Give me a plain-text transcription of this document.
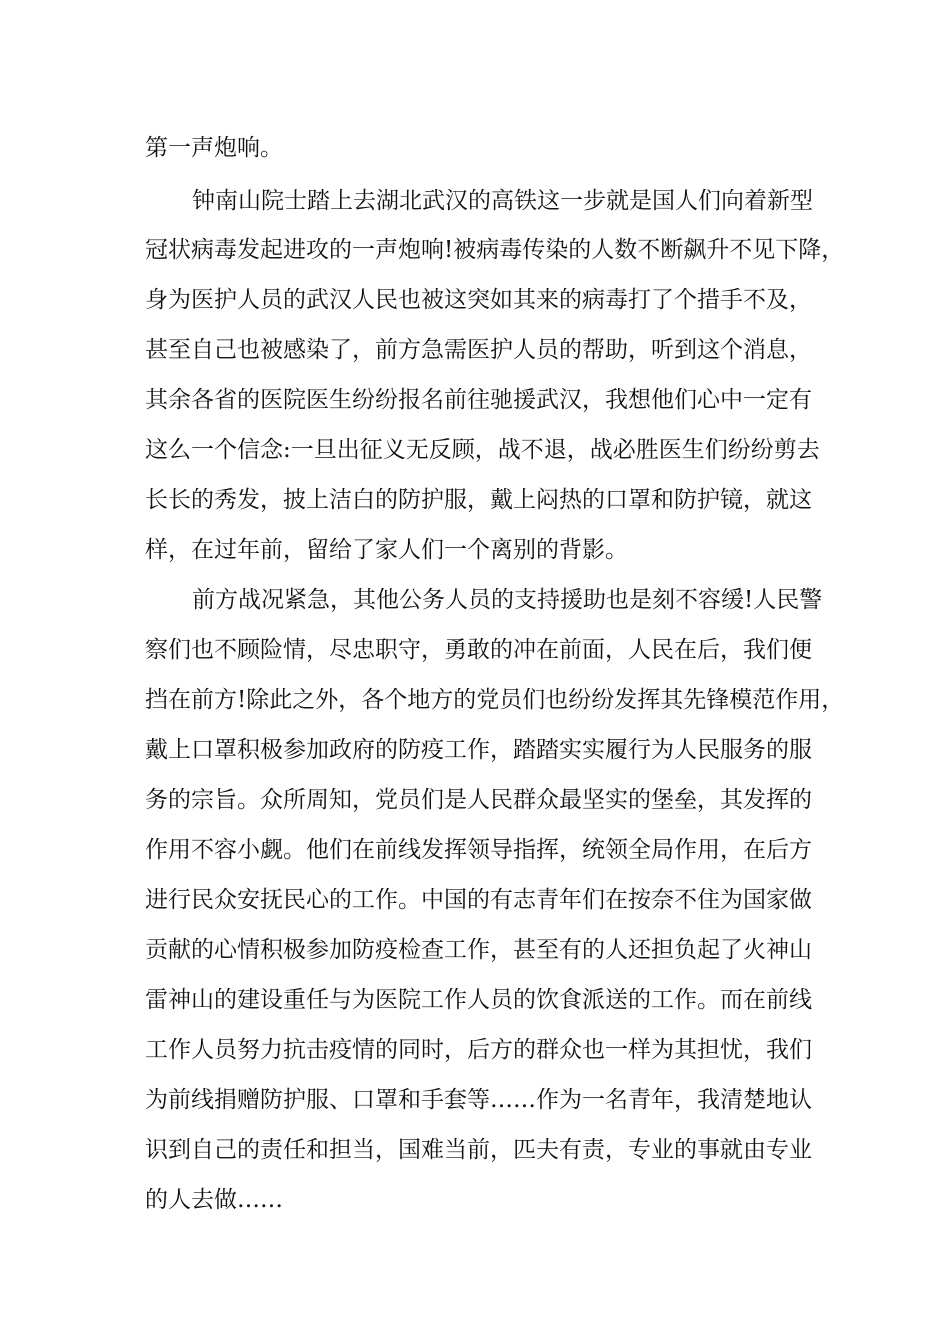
第一声炮响。

钟南山院士踏上去湖北武汉的高铁这一步就是国人们向着新型

冠状病毒发起进攻的一声炮响!被病毒传染的人数不断飙升不见下降，

身为医护人员的武汉人民也被这突如其来的病毒打了个措手不及，

甚至自己也被感染了，前方急需医护人员的帮助，听到这个消息，

其余各省的医院医生纷纷报名前往驰援武汉，我想他们心中一定有

这么一个信念:一旦出征义无反顾，战不退，战必胜医生们纷纷剪去

长长的秀发，披上洁白的防护服，戴上闷热的口罩和防护镜，就这

样，在过年前，留给了家人们一个离别的背影。

前方战况紧急，其他公务人员的支持援助也是刻不容缓!人民警

察们也不顾险情，尽忠职守，勇敢的冲在前面，人民在后，我们便

挡在前方!除此之外，各个地方的党员们也纷纷发挥其先锋模范作用，

戴上口罩积极参加政府的防疫工作，踏踏实实履行为人民服务的服

务的宗旨。众所周知，党员们是人民群众最坚实的堡垒，其发挥的

作用不容小觑。他们在前线发挥领导指挥，统领全局作用，在后方

进行民众安抚民心的工作。中国的有志青年们在按奈不住为国家做

贡献的心情积极参加防疫检查工作，甚至有的人还担负起了火神山

雷神山的建设重任与为医院工作人员的饮食派送的工作。而在前线

工作人员努力抗击疫情的同时，后方的群众也一样为其担忧，我们

为前线捐赠防护服、口罩和手套等……作为一名青年，我清楚地认

识到自己的责任和担当，国难当前，匹夫有责，专业的事就由专业

的人去做……
